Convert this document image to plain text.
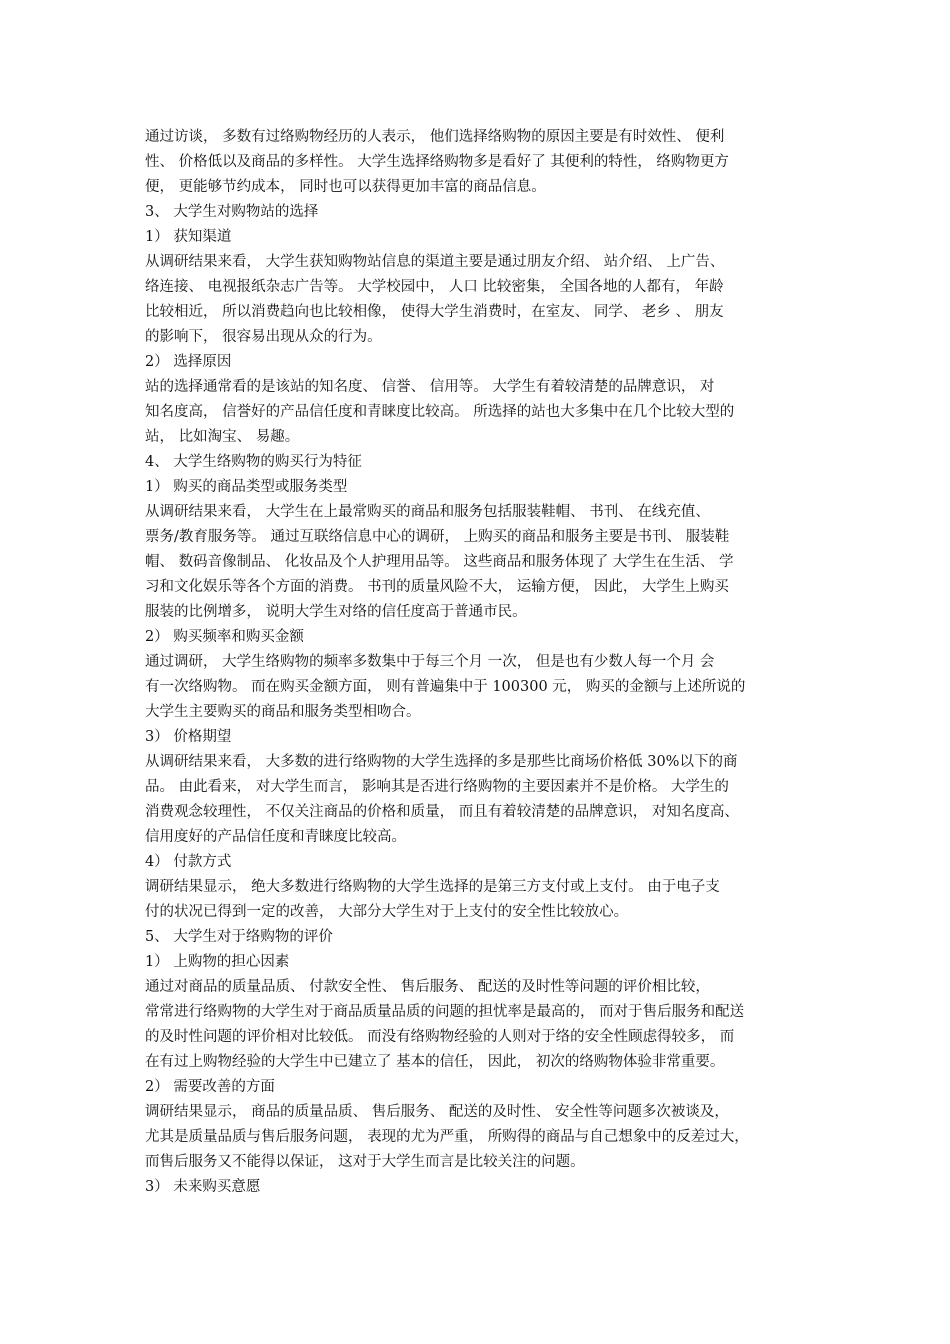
通过访谈， 多数有过络购物经历的人表示， 他们选择络购物的原因主要是有时效性、 便利
性、 价格低以及商品的多样性。 大学生选择络购物多是看好了 其便利的特性， 络购物更方
便， 更能够节约成本， 同时也可以获得更加丰富的商品信息。
3、 大学生对购物站的选择
1） 获知渠道
从调研结果来看， 大学生获知购物站信息的渠道主要是通过朋友介绍、 站介绍、 上广告、
络连接、 电视报纸杂志广告等。 大学校园中， 人口 比较密集， 全国各地的人都有， 年龄
比较相近， 所以消费趋向也比较相像， 使得大学生消费时，在室友、 同学、 老乡 、 朋友
的影响下， 很容易出现从众的行为。
2） 选择原因
站的选择通常看的是该站的知名度、 信誉、 信用等。 大学生有着较清楚的品牌意识， 对
知名度高， 信誉好的产品信任度和青睐度比较高。 所选择的站也大多集中在几个比较大型的
站， 比如淘宝、 易趣。
4、 大学生络购物的购买行为特征
1） 购买的商品类型或服务类型
从调研结果来看， 大学生在上最常购买的商品和服务包括服装鞋帽、 书刊、 在线充值、
票务/教育服务等。 通过互联络信息中心的调研， 上购买的商品和服务主要是书刊、 服装鞋
帽、 数码音像制品、 化妆品及个人护理用品等。 这些商品和服务体现了 大学生在生活、 学
习和文化娱乐等各个方面的消费。 书刊的质量风险不大， 运输方便， 因此， 大学生上购买
服装的比例增多， 说明大学生对络的信任度高于普通市民。
2） 购买频率和购买金额
通过调研， 大学生络购物的频率多数集中于每三个月 一次， 但是也有少数人每一个月 会
有一次络购物。 而在购买金额方面， 则有普遍集中于 100300 元， 购买的金额与上述所说的
大学生主要购买的商品和服务类型相吻合。
3） 价格期望
从调研结果来看， 大多数的进行络购物的大学生选择的多是那些比商场价格低 30%以下的商
品。 由此看来， 对大学生而言， 影响其是否进行络购物的主要因素并不是价格。 大学生的
消费观念较理性， 不仅关注商品的价格和质量， 而且有着较清楚的品牌意识， 对知名度高、
信用度好的产品信任度和青睐度比较高。
4） 付款方式
调研结果显示， 绝大多数进行络购物的大学生选择的是第三方支付或上支付。 由于电子支
付的状况已得到一定的改善， 大部分大学生对于上支付的安全性比较放心。
5、 大学生对于络购物的评价
1） 上购物的担心因素
通过对商品的质量品质、 付款安全性、 售后服务、 配送的及时性等问题的评价相比较，
常常进行络购物的大学生对于商品质量品质的问题的担忧率是最高的， 而对于售后服务和配送
的及时性问题的评价相对比较低。 而没有络购物经验的人则对于络的安全性顾虑得较多， 而
在有过上购物经验的大学生中已建立了 基本的信任， 因此， 初次的络购物体验非常重要。
2） 需要改善的方面
调研结果显示， 商品的质量品质、 售后服务、 配送的及时性、 安全性等问题多次被谈及，
尤其是质量品质与售后服务问题， 表现的尤为严重， 所购得的商品与自己想象中的反差过大，
而售后服务又不能得以保证， 这对于大学生而言是比较关注的问题。
3） 未来购买意愿
